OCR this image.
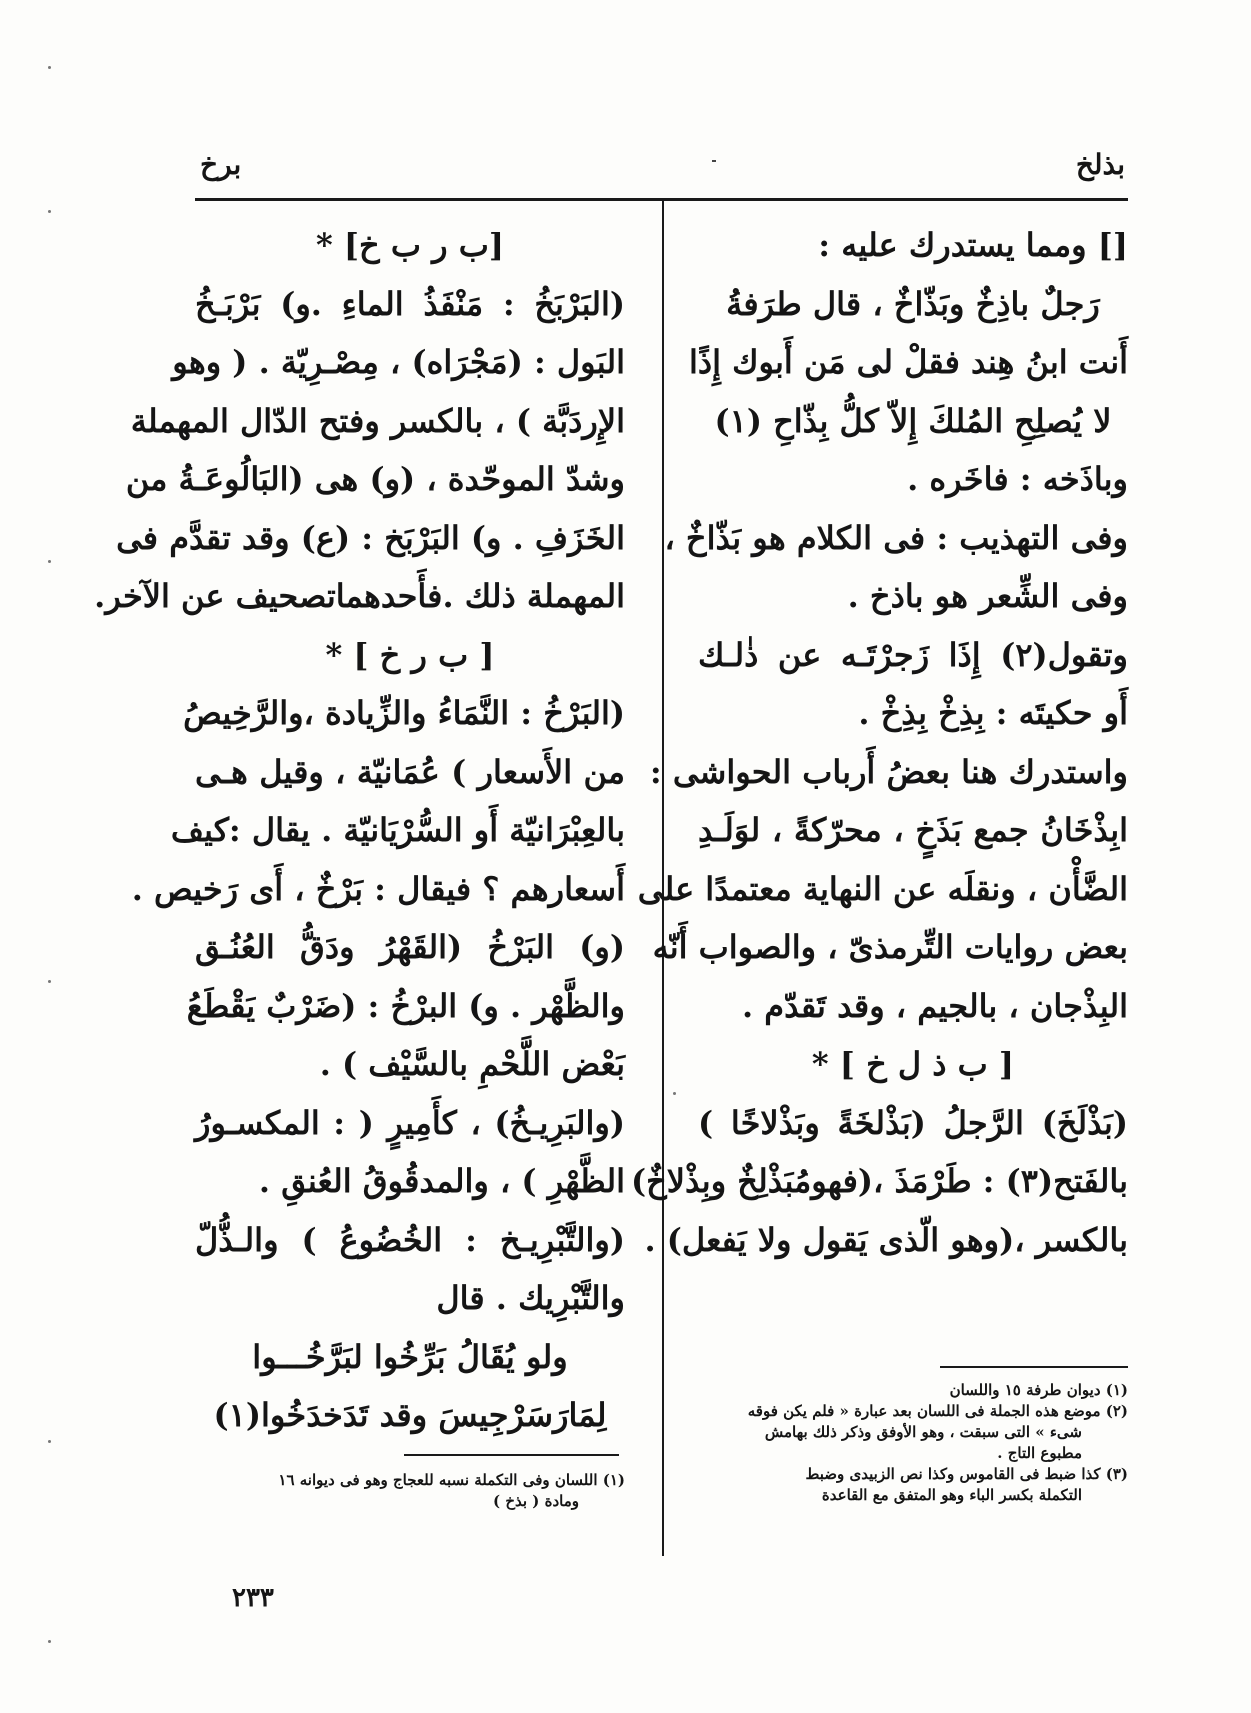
بذلخ
برخ
[] ومما يستدرك عليه :
رَجلٌ باذِخٌ وبَذّاخٌ ، قال طرَفةُ
أَنت ابنُ هِند فقلْ لى مَن أَبوك إِذًا
لا يُصلِحِ المُلكَ إِلاّ كلُّ بِذّاحِ (١)
وباذَخه : فاخَره .
وفى التهذيب : فى الكلام هو بَذّاخٌ ،
وفى الشِّعر هو باذخ .
وتقول(٢) إِذَا زَجرْتَـه عن ذٰلـك
أَو حكيتَه : بِذِخْ بِذِخْ .
واستدرك هنا بعضُ أَرباب الحواشى :
ابِذْخَانُ جمع بَذَخٍ ، محرّكةً ، لوَلَـدِ
الضَّأْن ، ونقلَه عن النهاية معتمدًا على
بعض روايات التِّرمذىّ ، والصواب أَنّه
البِذْجان ، بالجيم ، وقد تَقدّم .
[ ب ذ ل خ ] *
(بَذْلَخَ) الرَّجلُ (بَذْلخَةً وبَذْلاخًا )
بالفَتح(٣) : طَرْمَذَ ،(فهومُبَذْلِخٌ وبِذْلاخٌ)
بالكسر ،(وهو الّذى يَقول ولا يَفعل) .
(١) ديوان طرفة ١٥ واللسان
(٢) موضع هذه الجملة فى اللسان بعد عبارة « فلم يكن فوقه
شىء » التى سبقت ، وهو الأوفق وذكر ذلك بهامش
مطبوع التاج .
(٣) كذا ضبط فى القاموس وكذا نص الزبيدى وضبط
التكملة بكسر الباء وهو المتفق مع القاعدة
[ب ر ب خ] *
(البَرْبَخُ : مَنْفَذُ الماءِ .و) بَرْبَـخُ
البَول : (مَجْرَاه) ، مِصْـرِيّة . ( وهو
الإِردَبَّة ) ، بالكسر وفتح الدّال المهملة
وشدّ الموحّدة ، (و) هى (البَالُوعَـةُ من
الخَزَفِ . و) البَرْبَخ : (ع) وقد تقدَّم فى
المهملة ذلك .فأَحدهماتصحيف عن الآخر.
[ ب ر خ ] *
(البَرْخُ : النَّمَاءُ والزِّيادة ،والرَّخِيصُ
من الأَسعار ) عُمَانيّة ، وقيل هـى
بالعِبْرَانيّة أَو السُّرْيَانيّة . يقال :كيف
أَسعارهم ؟ فيقال : بَرْخٌ ، أَى رَخيص .
(و) البَرْخُ (القَهْرُ ودَقُّ العُنُـق
والظَّهْر . و) البرْخُ : (ضَرْبٌ يَقْطَعُ
بَعْض اللَّحْمِ بالسَّيْف ) .
(والبَرِيـخُ) ، كأَمِيرٍ ( : المكسـورُ
الظَّهْرِ ) ، والمدقُوقُ العُنقِ .
(والتَّبْرِيـخ : الخُضُوعُ ) والـذُّلّ
والتَّبْرِيك . قال
ولو يُقَالُ بَرِّخُوا لبَرَّخُـــوا
لِمَارَسَرْجِيسَ وقد تَدَخدَخُوا(١)
(١) اللسان وفى التكملة نسبه للعجاج وهو فى ديوانه ١٦
ومادة ( بذخ )
٢٣٣
